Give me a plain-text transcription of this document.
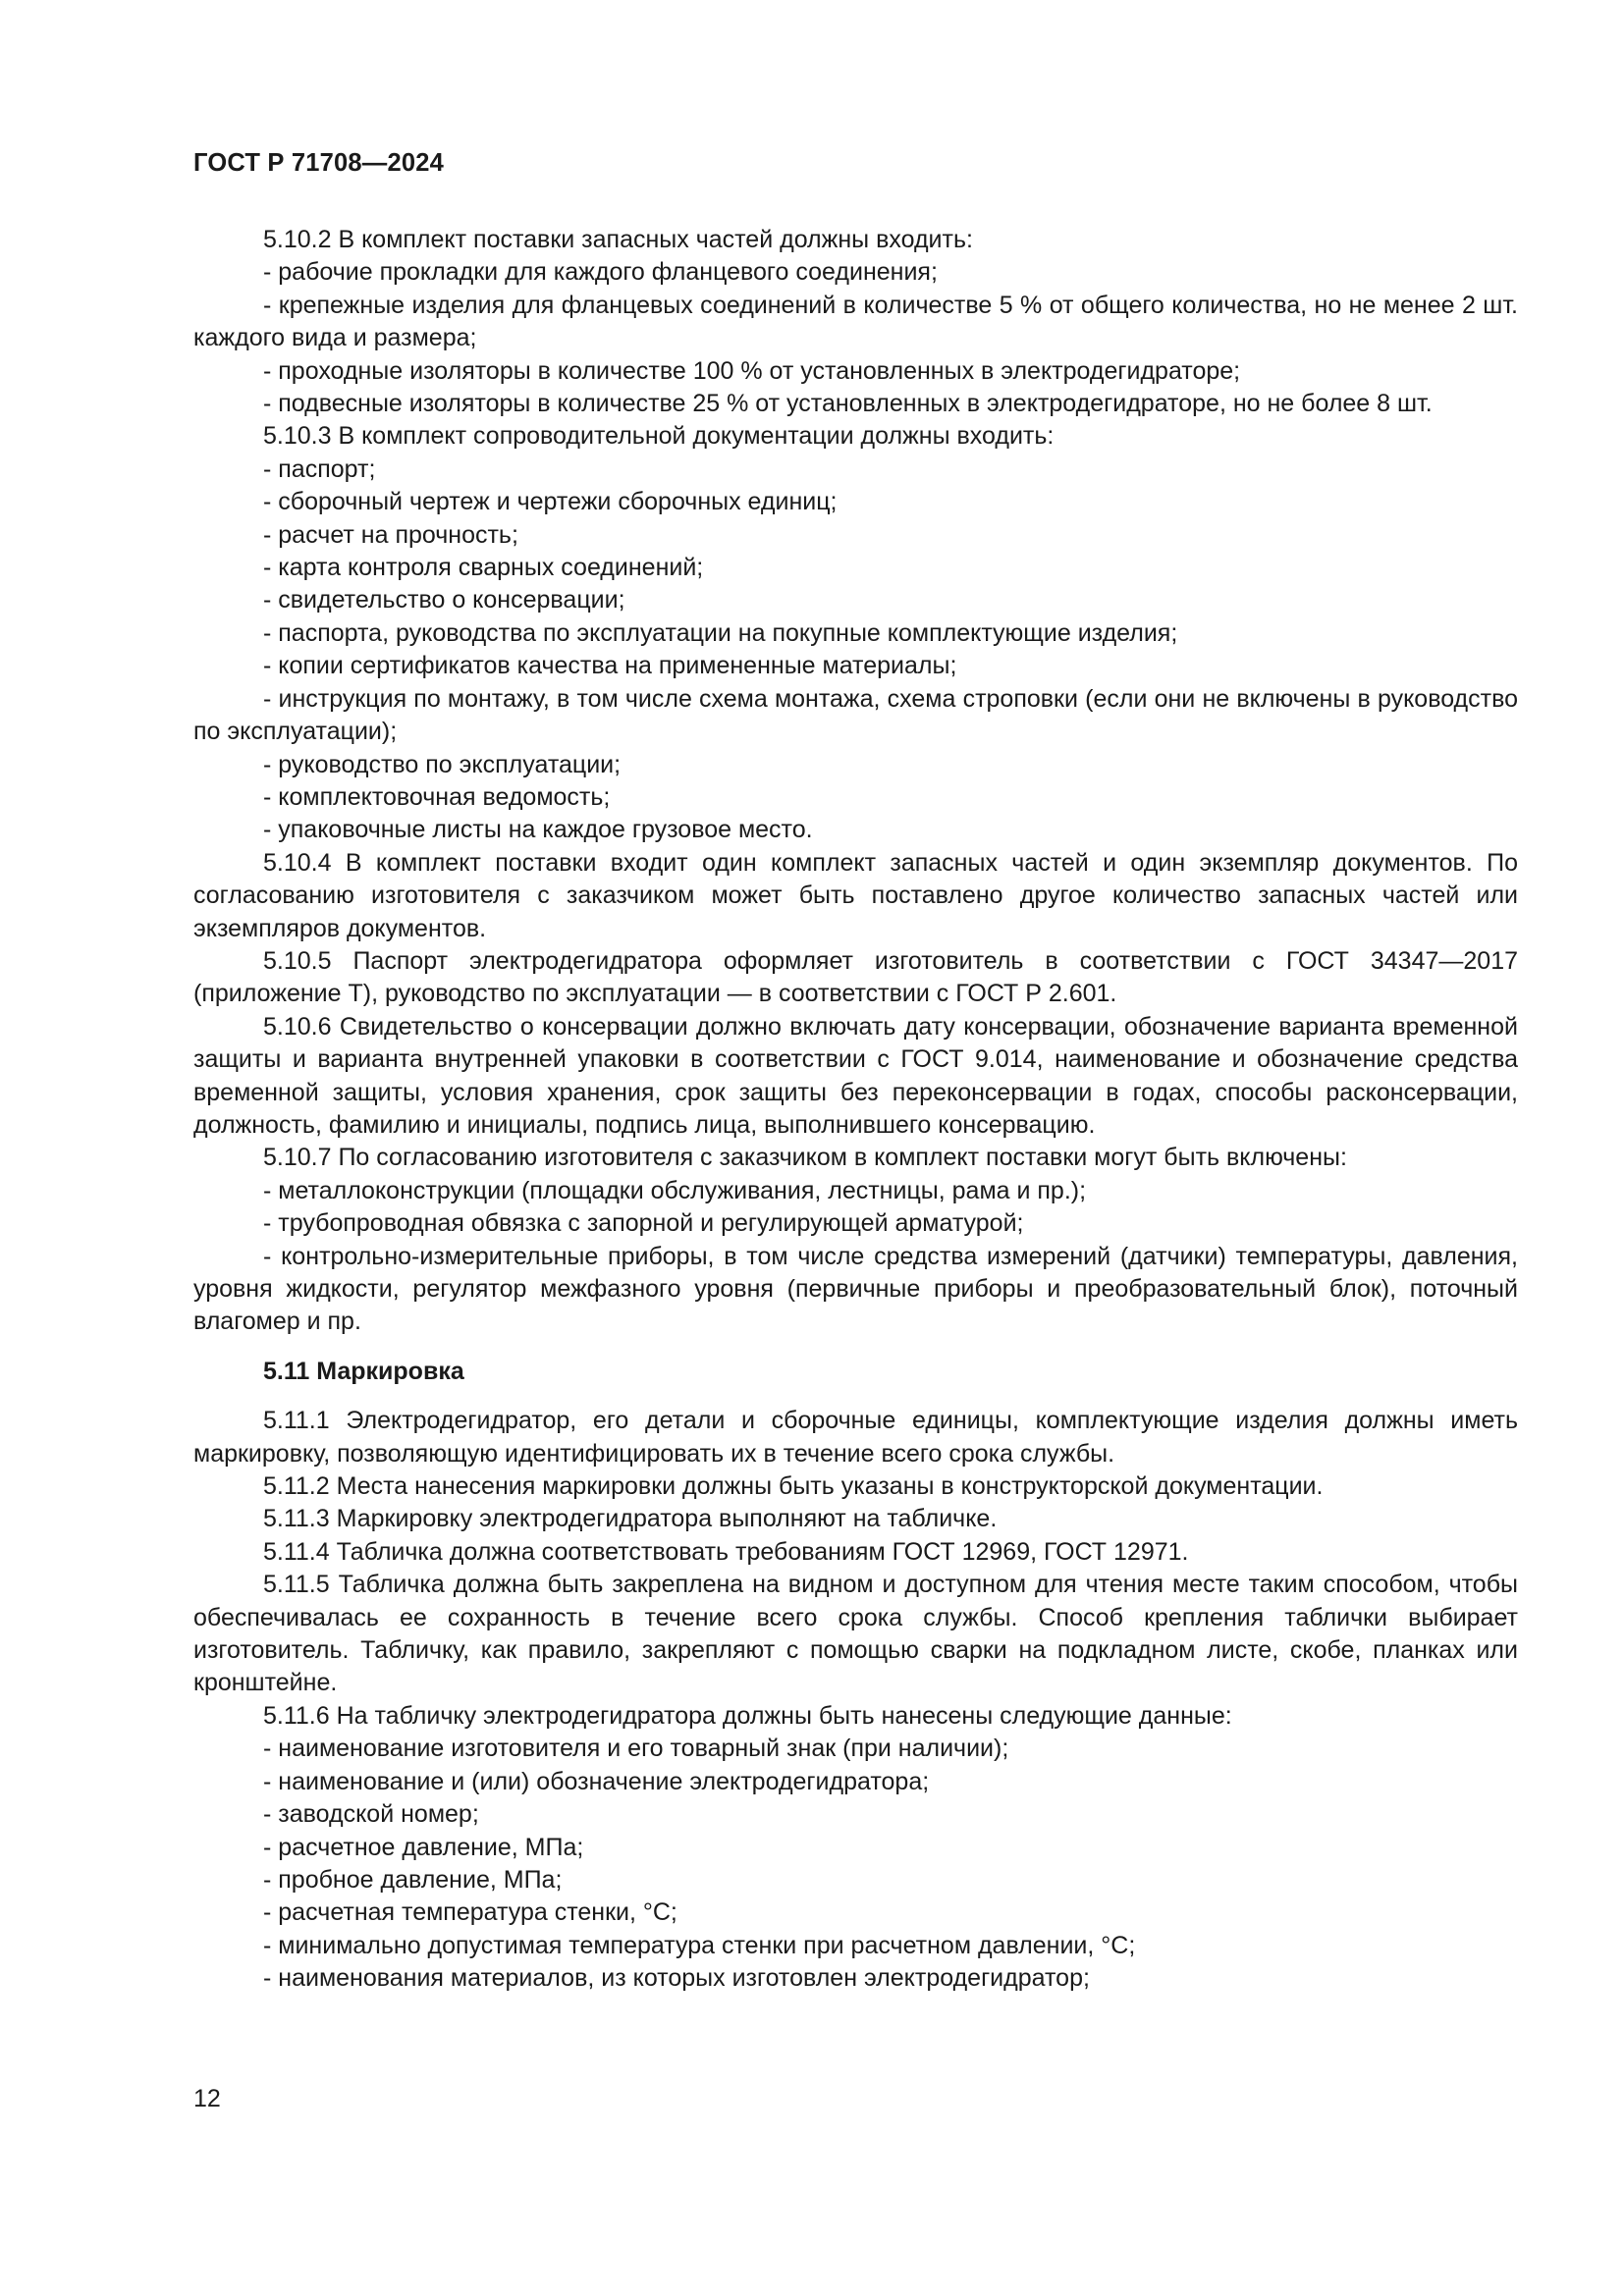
ГОСТ Р 71708—2024

5.10.2 В комплект поставки запасных частей должны входить:

- рабочие прокладки для каждого фланцевого соединения;

- крепежные изделия для фланцевых соединений в количестве 5 % от общего количества, но не менее 2 шт. каждого вида и размера;

- проходные изоляторы в количестве 100 % от установленных в электродегидраторе;

- подвесные изоляторы в количестве 25 % от установленных в электродегидраторе, но не более 8 шт.

5.10.3 В комплект сопроводительной документации должны входить:

- паспорт;

- сборочный чертеж и чертежи сборочных единиц;

- расчет на прочность;

- карта контроля сварных соединений;

- свидетельство о консервации;

- паспорта, руководства по эксплуатации на покупные комплектующие изделия;

- копии сертификатов качества на примененные материалы;

- инструкция по монтажу, в том числе схема монтажа, схема строповки (если они не включены в руководство по эксплуатации);

- руководство по эксплуатации;

- комплектовочная ведомость;

- упаковочные листы на каждое грузовое место.

5.10.4 В комплект поставки входит один комплект запасных частей и один экземпляр документов. По согласованию изготовителя с заказчиком может быть поставлено другое количество запасных частей или экземпляров документов.

5.10.5 Паспорт электродегидратора оформляет изготовитель в соответствии с ГОСТ 34347—2017 (приложение Т), руководство по эксплуатации — в соответствии с ГОСТ Р 2.601.

5.10.6 Свидетельство о консервации должно включать дату консервации, обозначение варианта временной защиты и варианта внутренней упаковки в соответствии с ГОСТ 9.014, наименование и обозначение средства временной защиты, условия хранения, срок защиты без переконсервации в годах, способы расконсервации, должность, фамилию и инициалы, подпись лица, выполнившего консервацию.

5.10.7 По согласованию изготовителя с заказчиком в комплект поставки могут быть включены:

- металлоконструкции (площадки обслуживания, лестницы, рама и пр.);

- трубопроводная обвязка с запорной и регулирующей арматурой;

- контрольно-измерительные приборы, в том числе средства измерений (датчики) температуры, давления, уровня жидкости, регулятор межфазного уровня (первичные приборы и преобразовательный блок), поточный влагомер и пр.

5.11 Маркировка

5.11.1 Электродегидратор, его детали и сборочные единицы, комплектующие изделия должны иметь маркировку, позволяющую идентифицировать их в течение всего срока службы.

5.11.2 Места нанесения маркировки должны быть указаны в конструкторской документации.

5.11.3 Маркировку электродегидратора выполняют на табличке.

5.11.4 Табличка должна соответствовать требованиям ГОСТ 12969, ГОСТ 12971.

5.11.5 Табличка должна быть закреплена на видном и доступном для чтения месте таким способом, чтобы обеспечивалась ее сохранность в течение всего срока службы. Способ крепления таблички выбирает изготовитель. Табличку, как правило, закрепляют с помощью сварки на подкладном листе, скобе, планках или кронштейне.

5.11.6 На табличку электродегидратора должны быть нанесены следующие данные:

- наименование изготовителя и его товарный знак (при наличии);

- наименование и (или) обозначение электродегидратора;

- заводской номер;

- расчетное давление, МПа;

- пробное давление, МПа;

- расчетная температура стенки, °С;

- минимально допустимая температура стенки при расчетном давлении, °С;

- наименования материалов, из которых изготовлен электродегидратор;

12
